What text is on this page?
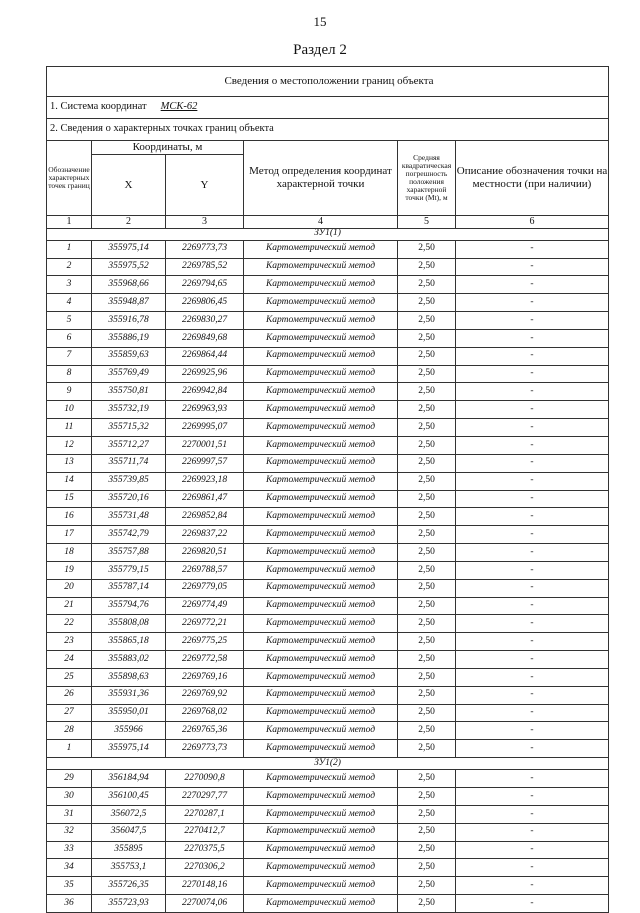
15
Раздел 2
Сведения о местоположении границ объекта					
1. Система координат МСК-62					
2. Сведения о характерных точках границ объекта					
Обозначение характерных точек границ	Координаты, м		Метод определения координат характерной точки	Средняя квадратическая погрешность положения характерной точки (Мt), м	Описание обозначения точки на местности (при наличии)
	X	Y			
1	2	3	4	5	6
ЗУ1(1)					
1	355975,14	2269773,73	Картометрический метод	2,50	-
2	355975,52	2269785,52	Картометрический метод	2,50	-
3	355968,66	2269794,65	Картометрический метод	2,50	-
4	355948,87	2269806,45	Картометрический метод	2,50	-
5	355916,78	2269830,27	Картометрический метод	2,50	-
6	355886,19	2269849,68	Картометрический метод	2,50	-
7	355859,63	2269864,44	Картометрический метод	2,50	-
8	355769,49	2269925,96	Картометрический метод	2,50	-
9	355750,81	2269942,84	Картометрический метод	2,50	-
10	355732,19	2269963,93	Картометрический метод	2,50	-
11	355715,32	2269995,07	Картометрический метод	2,50	-
12	355712,27	2270001,51	Картометрический метод	2,50	-
13	355711,74	2269997,57	Картометрический метод	2,50	-
14	355739,85	2269923,18	Картометрический метод	2,50	-
15	355720,16	2269861,47	Картометрический метод	2,50	-
16	355731,48	2269852,84	Картометрический метод	2,50	-
17	355742,79	2269837,22	Картометрический метод	2,50	-
18	355757,88	2269820,51	Картометрический метод	2,50	-
19	355779,15	2269788,57	Картометрический метод	2,50	-
20	355787,14	2269779,05	Картометрический метод	2,50	-
21	355794,76	2269774,49	Картометрический метод	2,50	-
22	355808,08	2269772,21	Картометрический метод	2,50	-
23	355865,18	2269775,25	Картометрический метод	2,50	-
24	355883,02	2269772,58	Картометрический метод	2,50	-
25	355898,63	2269769,16	Картометрический метод	2,50	-
26	355931,36	2269769,92	Картометрический метод	2,50	-
27	355950,01	2269768,02	Картометрический метод	2,50	-
28	355966	2269765,36	Картометрический метод	2,50	-
1	355975,14	2269773,73	Картометрический метод	2,50	-
ЗУ1(2)					
29	356184,94	2270090,8	Картометрический метод	2,50	-
30	356100,45	2270297,77	Картометрический метод	2,50	-
31	356072,5	2270287,1	Картометрический метод	2,50	-
32	356047,5	2270412,7	Картометрический метод	2,50	-
33	355895	2270375,5	Картометрический метод	2,50	-
34	355753,1	2270306,2	Картометрический метод	2,50	-
35	355726,35	2270148,16	Картометрический метод	2,50	-
36	355723,93	2270074,06	Картометрический метод	2,50	-
